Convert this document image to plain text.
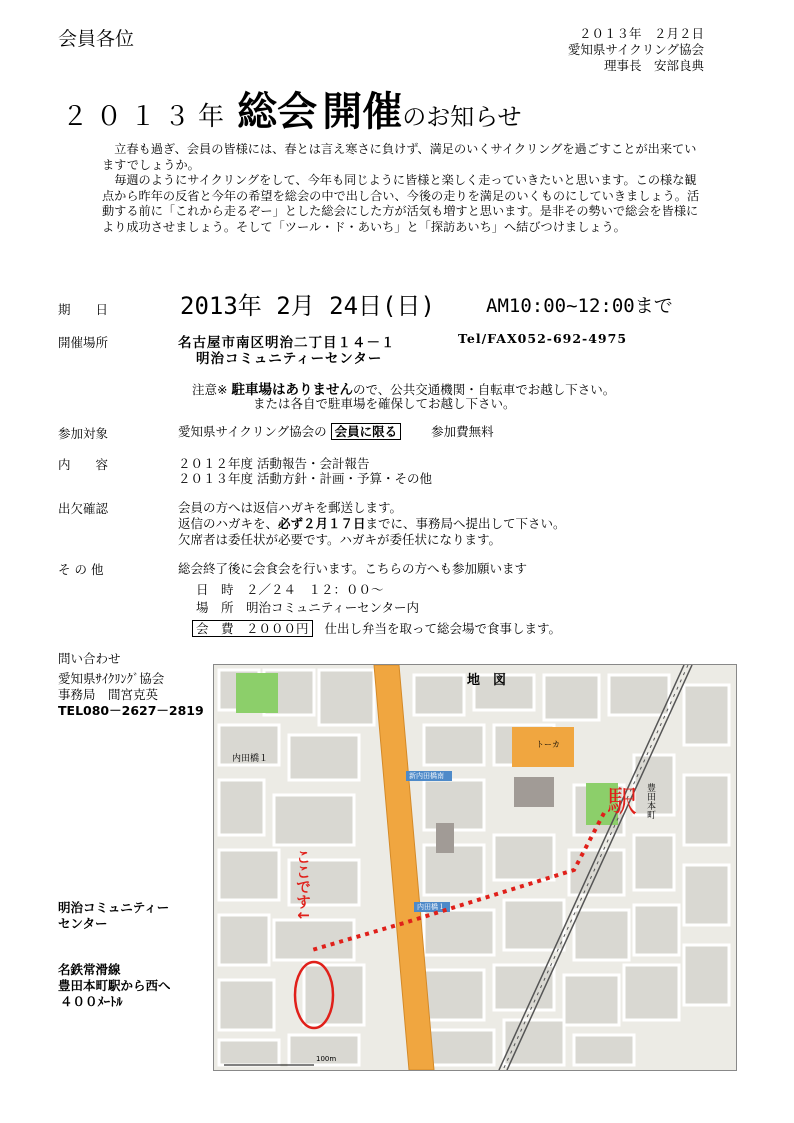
会員各位	２０１３年　２月２日
愛知県サイクリング協会
理事長　安部良典
２０１３年 総会 開催のお知らせ

立春も過ぎ、会員の皆様には、春とは言え寒さに負けず、満足のいくサイクリングを過ごすことが出来ていますでしょうか。

毎週のようにサイクリングをして、今年も同じように皆様と楽しく走っていきたいと思います。この様な観点から昨年の反省と今年の希望を総会の中で出し合い、今後の走りを満足のいくものにしていきましょう。活動する前に「これから走るぞー」とした総会にした方が活気も増すと思います。是非その勢いで総会を皆様により成功させましょう。そして「ツール・ド・あいち」と「探訪あいち」へ結びつけましょう。

期　　日	2013年 2月 24日(日)	AM10:00~12:00まで
開催場所	名古屋市南区明治二丁目１４－１	Tel/FAX052-692-4975
明治コミュニティーセンター
注意※ 駐車場はありませんので、公共交通機関・自転車でお越し下さい。
または各自で駐車場を確保してお越し下さい。
参加対象	愛知県サイクリング協会の 会員に限る	参加費無料
内　　容	２０１２年度 活動報告・会計報告
２０１３年度 活動方針・計画・予算・その他
出欠確認	会員の方へは返信ハガキを郵送します。
返信のハガキを、必ず２月１７日までに、事務局へ提出して下さい。
欠席者は委任状が必要です。ハガキが委任状になります。
そ の 他	総会終了後に会食会を行います。こちらの方へも参加願います
日　時　２／２４　１２：００～
場　所　明治コミュニティーセンター内
会　費　２０００円 仕出し弁当を取って総会場で食事します。
問い合わせ
愛知県ｻｲｸﾘﾝｸﾞ協会
事務局　間宮克英
TEL080－2627－2819
明治コミュニティー
センター
名鉄常滑線
豊田本町駅から西へ
４００ﾒｰﾄﾙ
地　図
ここです↓
駅 豊田本町
内田橋１
新内田橋南
内田橋１
トーカ
100m
